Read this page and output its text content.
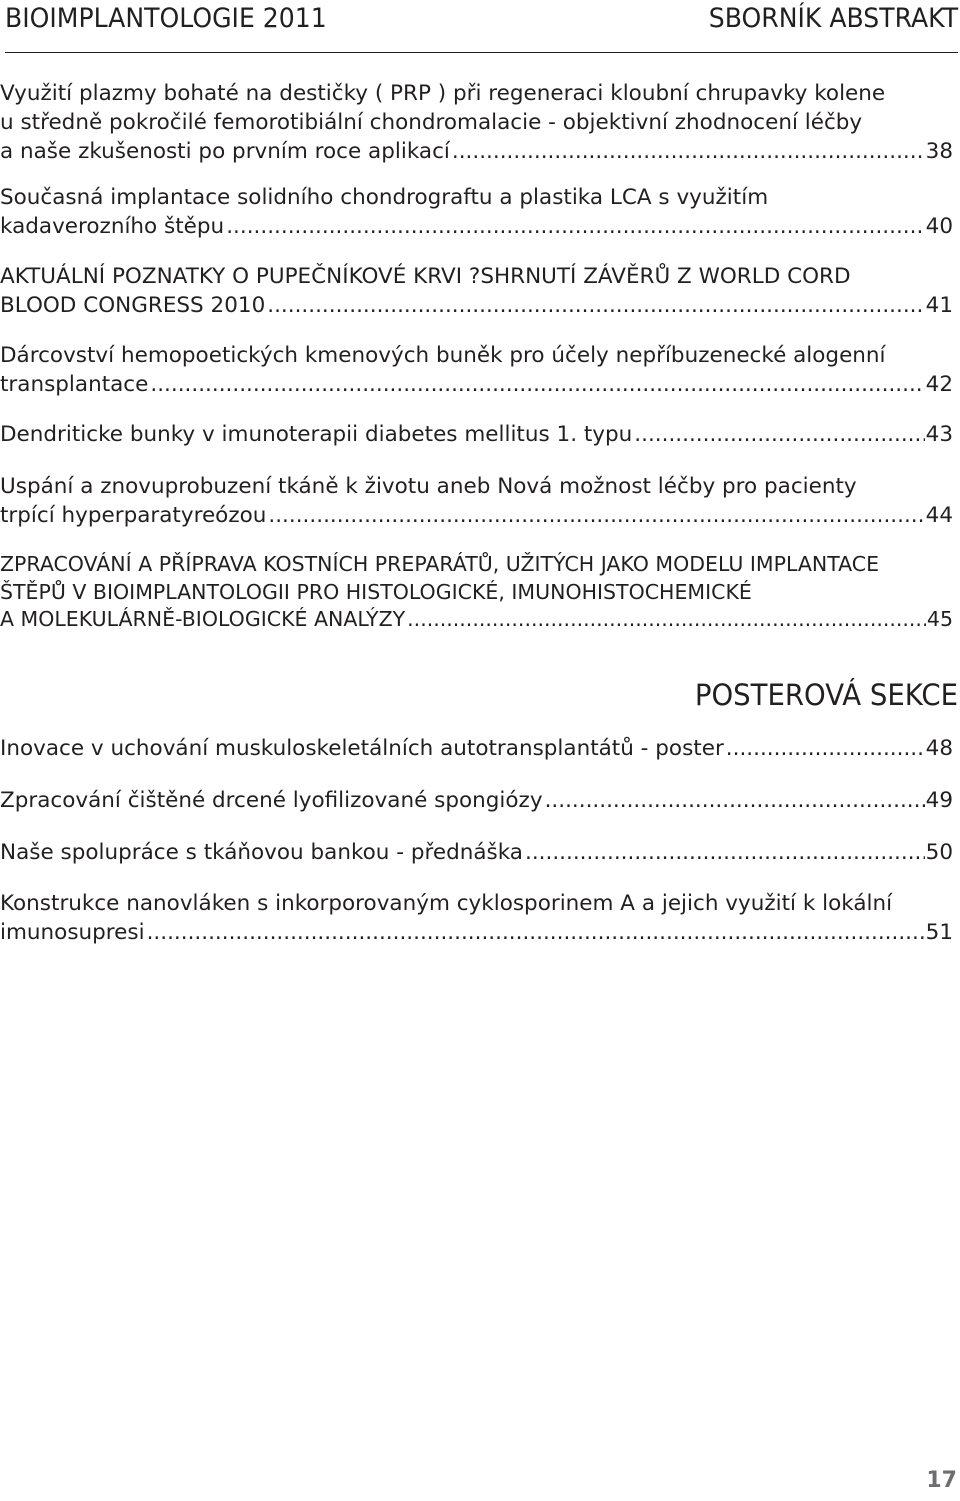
BIOIMPLANTOLOGIE 2011	SBORNÍK ABSTRAKT
Využití plazmy bohaté na destičky ( PRP ) při regeneraci kloubní chrupavky kolene
u středně pokročilé femorotibiální chondromalacie - objektivní zhodnocení léčby
a naše zkušenosti po prvním roce aplikací .....	38
Současná implantace solidního chondrograftu a plastika LCA s využitím
kadaverozního štěpu .....	40
AKTUÁLNÍ POZNATKY O PUPEČNÍKOVÉ KRVI ?SHRNUTÍ ZÁVĚRŮ Z WORLD CORD
BLOOD CONGRESS 2010 .....	41
Dárcovství hemopoetických kmenových buněk pro účely nepříbuzenecké alogenní
transplantace .....	42
Dendriticke bunky v imunoterapii diabetes mellitus 1. typu .....	43
Uspání a znovuprobuzení tkáně k životu aneb Nová možnost léčby pro pacienty
trpící hyperparatyreózou .....	44
ZPRACOVÁNÍ A PŘÍPRAVA KOSTNÍCH PREPARÁTŮ, UŽITÝCH JAKO MODELU IMPLANTACE
ŠTĚPŮ V BIOIMPLANTOLOGII PRO HISTOLOGICKÉ, IMUNOHISTOCHEMICKÉ
A MOLEKULÁRNĚ-BIOLOGICKÉ ANALÝZY .....	45
POSTEROVÁ SEKCE
Inovace v uchování muskuloskeletálních autotransplantátů - poster .....	48
Zpracování čištěné drcené lyofilizované spongiózy .....	49
Naše spolupráce s tkáňovou bankou - přednáška .....	50
Konstrukce nanovláken s inkorporovaným cyklosporinem A a jejich využití k lokální
imunosupresi .....	51
17
